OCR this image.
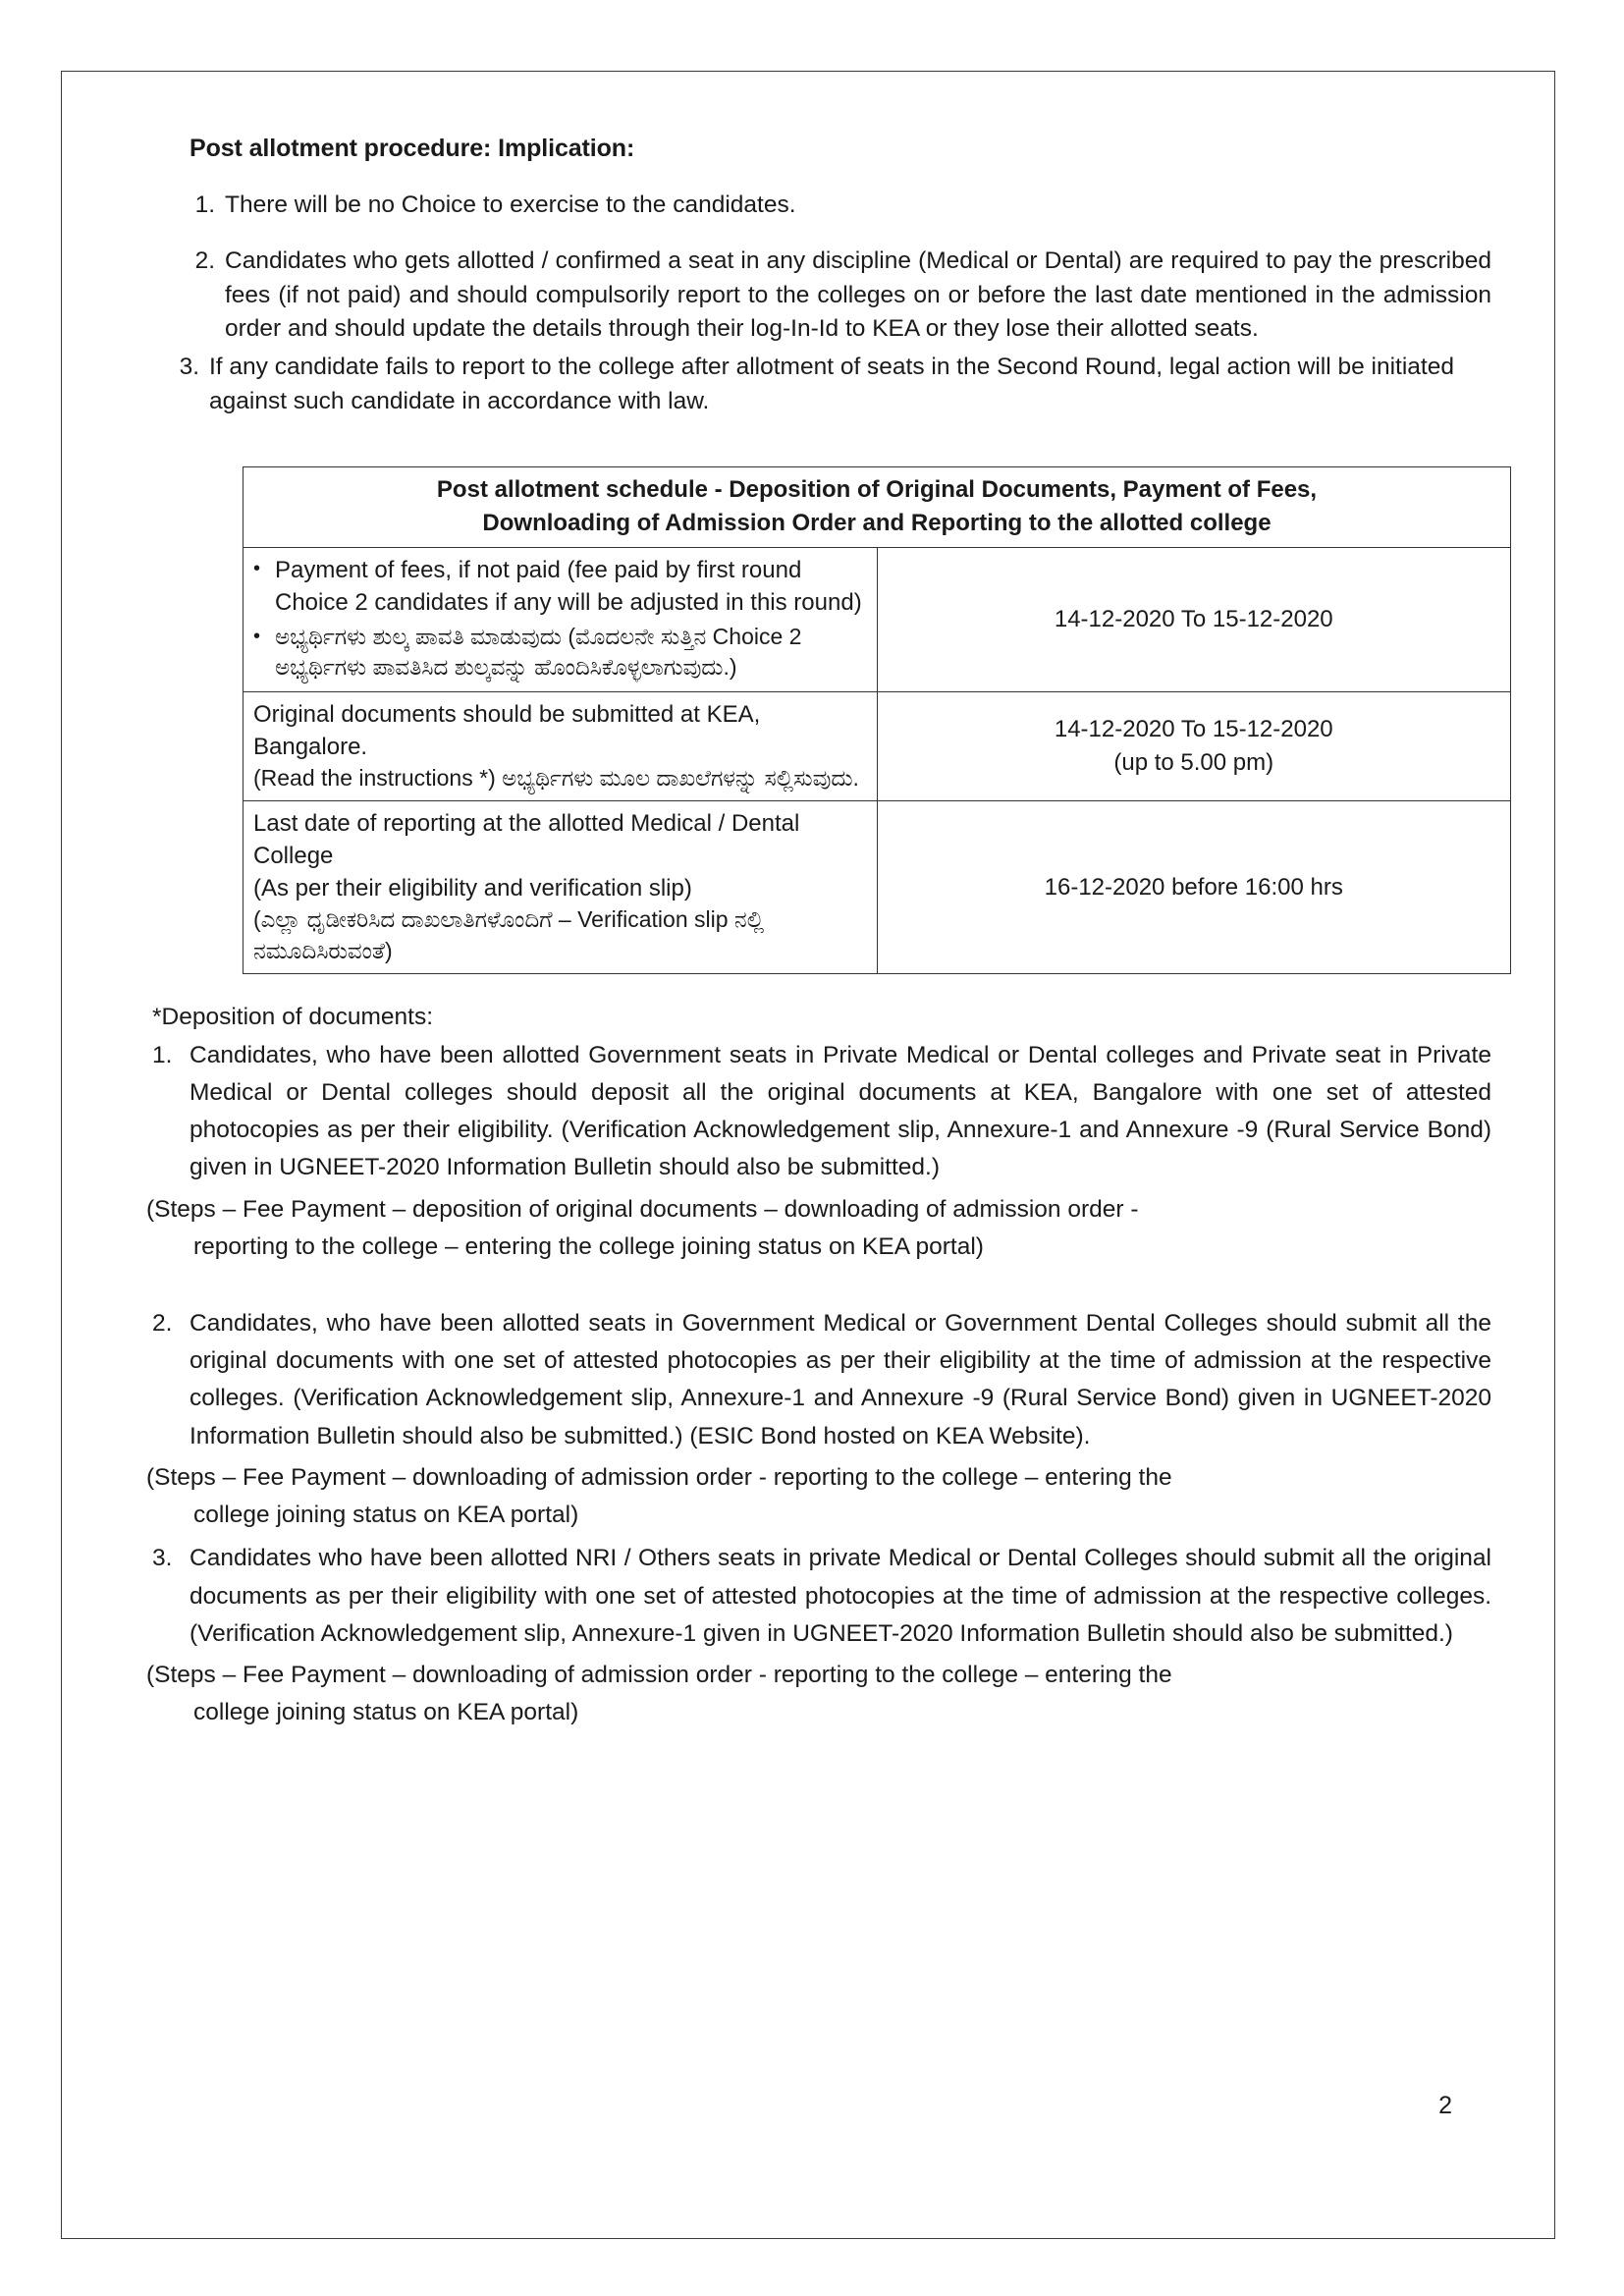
Post allotment procedure: Implication:
1. There will be no Choice to exercise to the candidates.
2. Candidates who gets allotted / confirmed a seat in any discipline (Medical or Dental) are required to pay the prescribed fees (if not paid) and should compulsorily report to the colleges on or before the last date mentioned in the admission order and should update the details through their log-In-Id to KEA or they lose their allotted seats.
3. If any candidate fails to report to the college after allotment of seats in the Second Round, legal action will be initiated against such candidate in accordance with law.
Post allotment schedule - Deposition of Original Documents, Payment of Fees,
Downloading of Admission Order and Reporting to the allotted college	

• Payment of fees, if not paid (fee paid by first round Choice 2 candidates if any will be adjusted in this round)
• ಅಭ್ಯರ್ಥಿಗಳು ಶುಲ್ಕ ಪಾವತಿ ಮಾಡುವುದು (ಮೊದಲನೇ ಸುತ್ತಿನ Choice 2 ಅಭ್ಯರ್ಥಿಗಳು ಪಾವತಿಸಿದ ಶುಲ್ಕವನ್ನು ಹೊಂದಿಸಿಕೊಳ್ಳಲಾಗುವುದು.)

14-12-2020 To 15-12-2020

Original documents should be submitted at KEA, Bangalore.
(Read the instructions *) ಅಭ್ಯರ್ಥಿಗಳು ಮೂಲ ದಾಖಲೆಗಳನ್ನು ಸಲ್ಲಿಸುವುದು.

14-12-2020 To 15-12-2020
(up to 5.00 pm)

Last date of reporting at the allotted Medical / Dental College
(As per their eligibility and verification slip)
(ಎಲ್ಲಾ ಧೃಡೀಕರಿಸಿದ ದಾಖಲಾತಿಗಳೊಂದಿಗೆ – Verification slip ನಲ್ಲಿ ನಮೂದಿಸಿರುವಂತೆ)	16-12-2020 before 16:00 hrs
*Deposition of documents:
1. Candidates, who have been allotted Government seats in Private Medical or Dental colleges and Private seat in Private Medical or Dental colleges should deposit all the original documents at KEA, Bangalore with one set of attested photocopies as per their eligibility. (Verification Acknowledgement slip, Annexure-1 and Annexure -9 (Rural Service Bond) given in UGNEET-2020 Information Bulletin should also be submitted.)
(Steps – Fee Payment – deposition of original documents – downloading of admission order -
reporting to the college – entering the college joining status on KEA portal)
2. Candidates, who have been allotted seats in Government Medical or Government Dental Colleges should submit all the original documents with one set of attested photocopies as per their eligibility at the time of admission at the respective colleges. (Verification Acknowledgement slip, Annexure-1 and Annexure -9 (Rural Service Bond) given in UGNEET-2020 Information Bulletin should also be submitted.) (ESIC Bond hosted on KEA Website).
(Steps – Fee Payment – downloading of admission order - reporting to the college – entering the
college joining status on KEA portal)
3. Candidates who have been allotted NRI / Others seats in private Medical or Dental Colleges should submit all the original documents as per their eligibility with one set of attested photocopies at the time of admission at the respective colleges. (Verification Acknowledgement slip, Annexure-1 given in UGNEET-2020 Information Bulletin should also be submitted.)
(Steps – Fee Payment – downloading of admission order - reporting to the college – entering the
college joining status on KEA portal)
2
